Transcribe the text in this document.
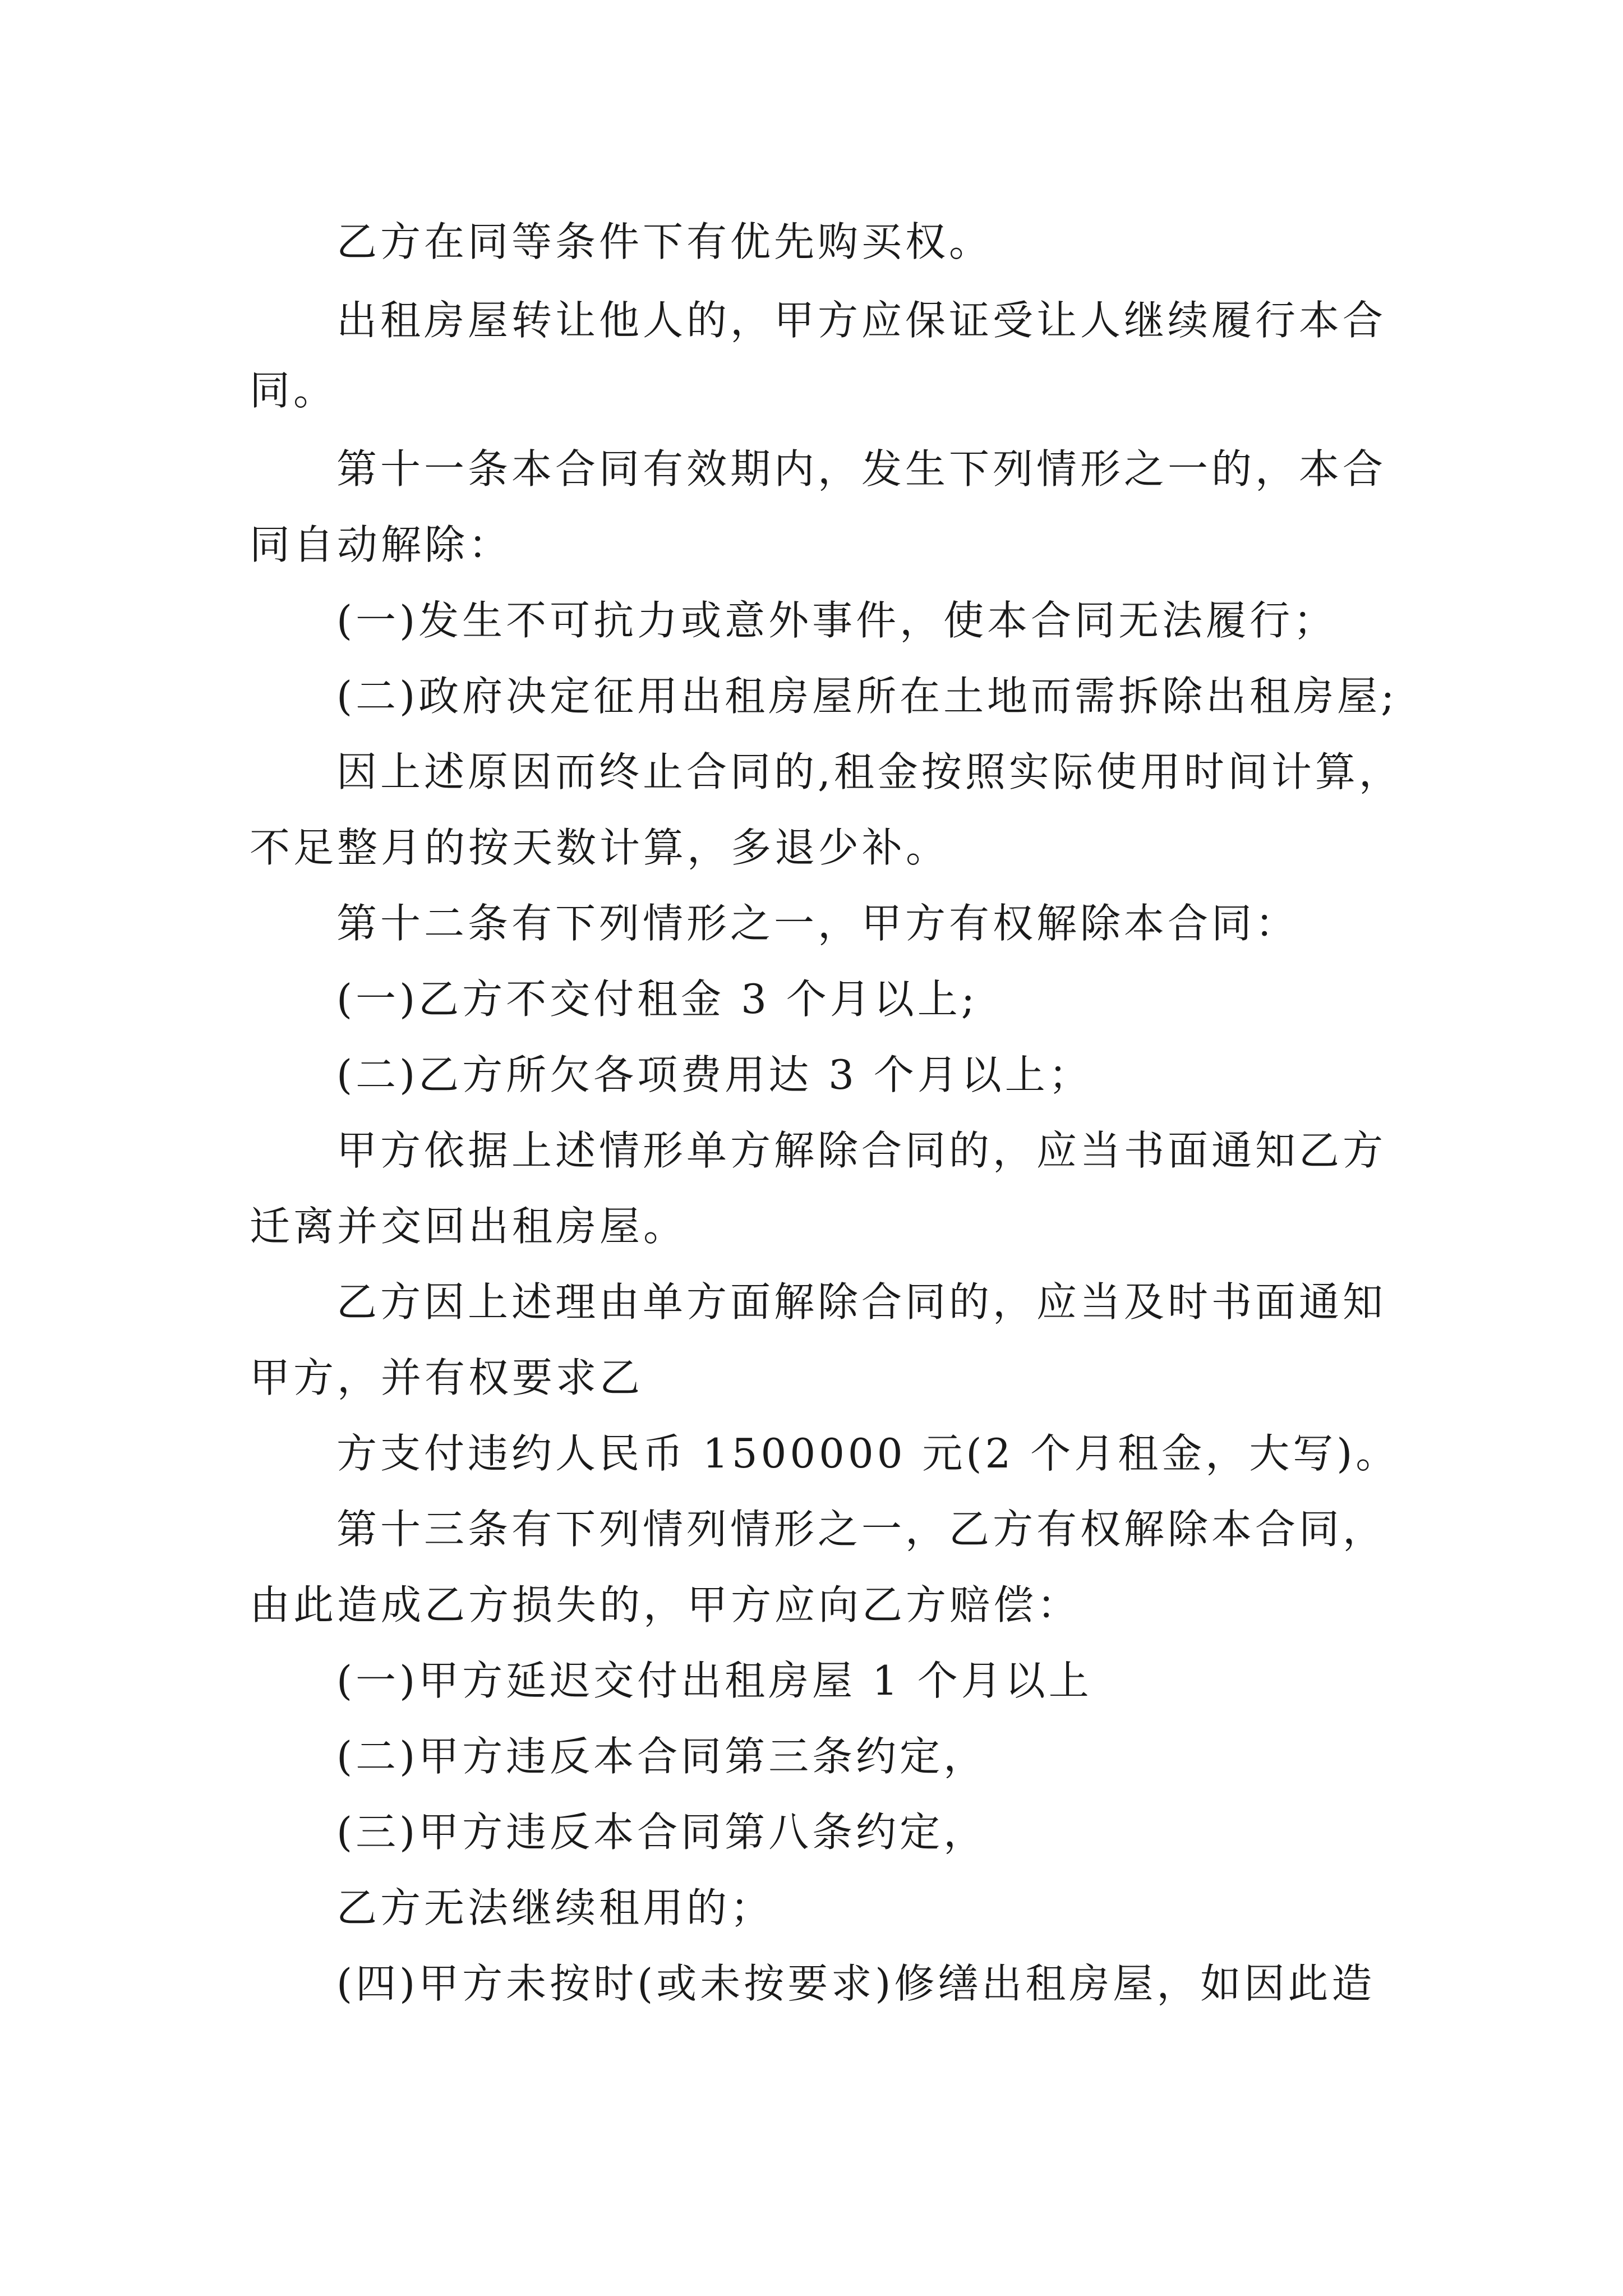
乙方在同等条件下有优先购买权。

出租房屋转让他人的，甲方应保证受让人继续履行本合

同。

第十一条本合同有效期内，发生下列情形之一的，本合

同自动解除：

(一)发生不可抗力或意外事件，使本合同无法履行；

(二)政府决定征用出租房屋所在土地而需拆除出租房屋;

因上述原因而终止合同的,租金按照实际使用时间计算，

不足整月的按天数计算，多退少补。

第十二条有下列情形之一，甲方有权解除本合同：

(一)乙方不交付租金 3 个月以上;

(二)乙方所欠各项费用达 3 个月以上；

甲方依据上述情形单方解除合同的，应当书面通知乙方

迁离并交回出租房屋。

乙方因上述理由单方面解除合同的，应当及时书面通知

甲方，并有权要求乙

方支付违约人民币 1500000 元(2 个月租金，大写)。

第十三条有下列情列情形之一，乙方有权解除本合同，

由此造成乙方损失的，甲方应向乙方赔偿：

(一)甲方延迟交付出租房屋 1 个月以上

(二)甲方违反本合同第三条约定，

(三)甲方违反本合同第八条约定，

乙方无法继续租用的；

(四)甲方未按时(或未按要求)修缮出租房屋，如因此造
